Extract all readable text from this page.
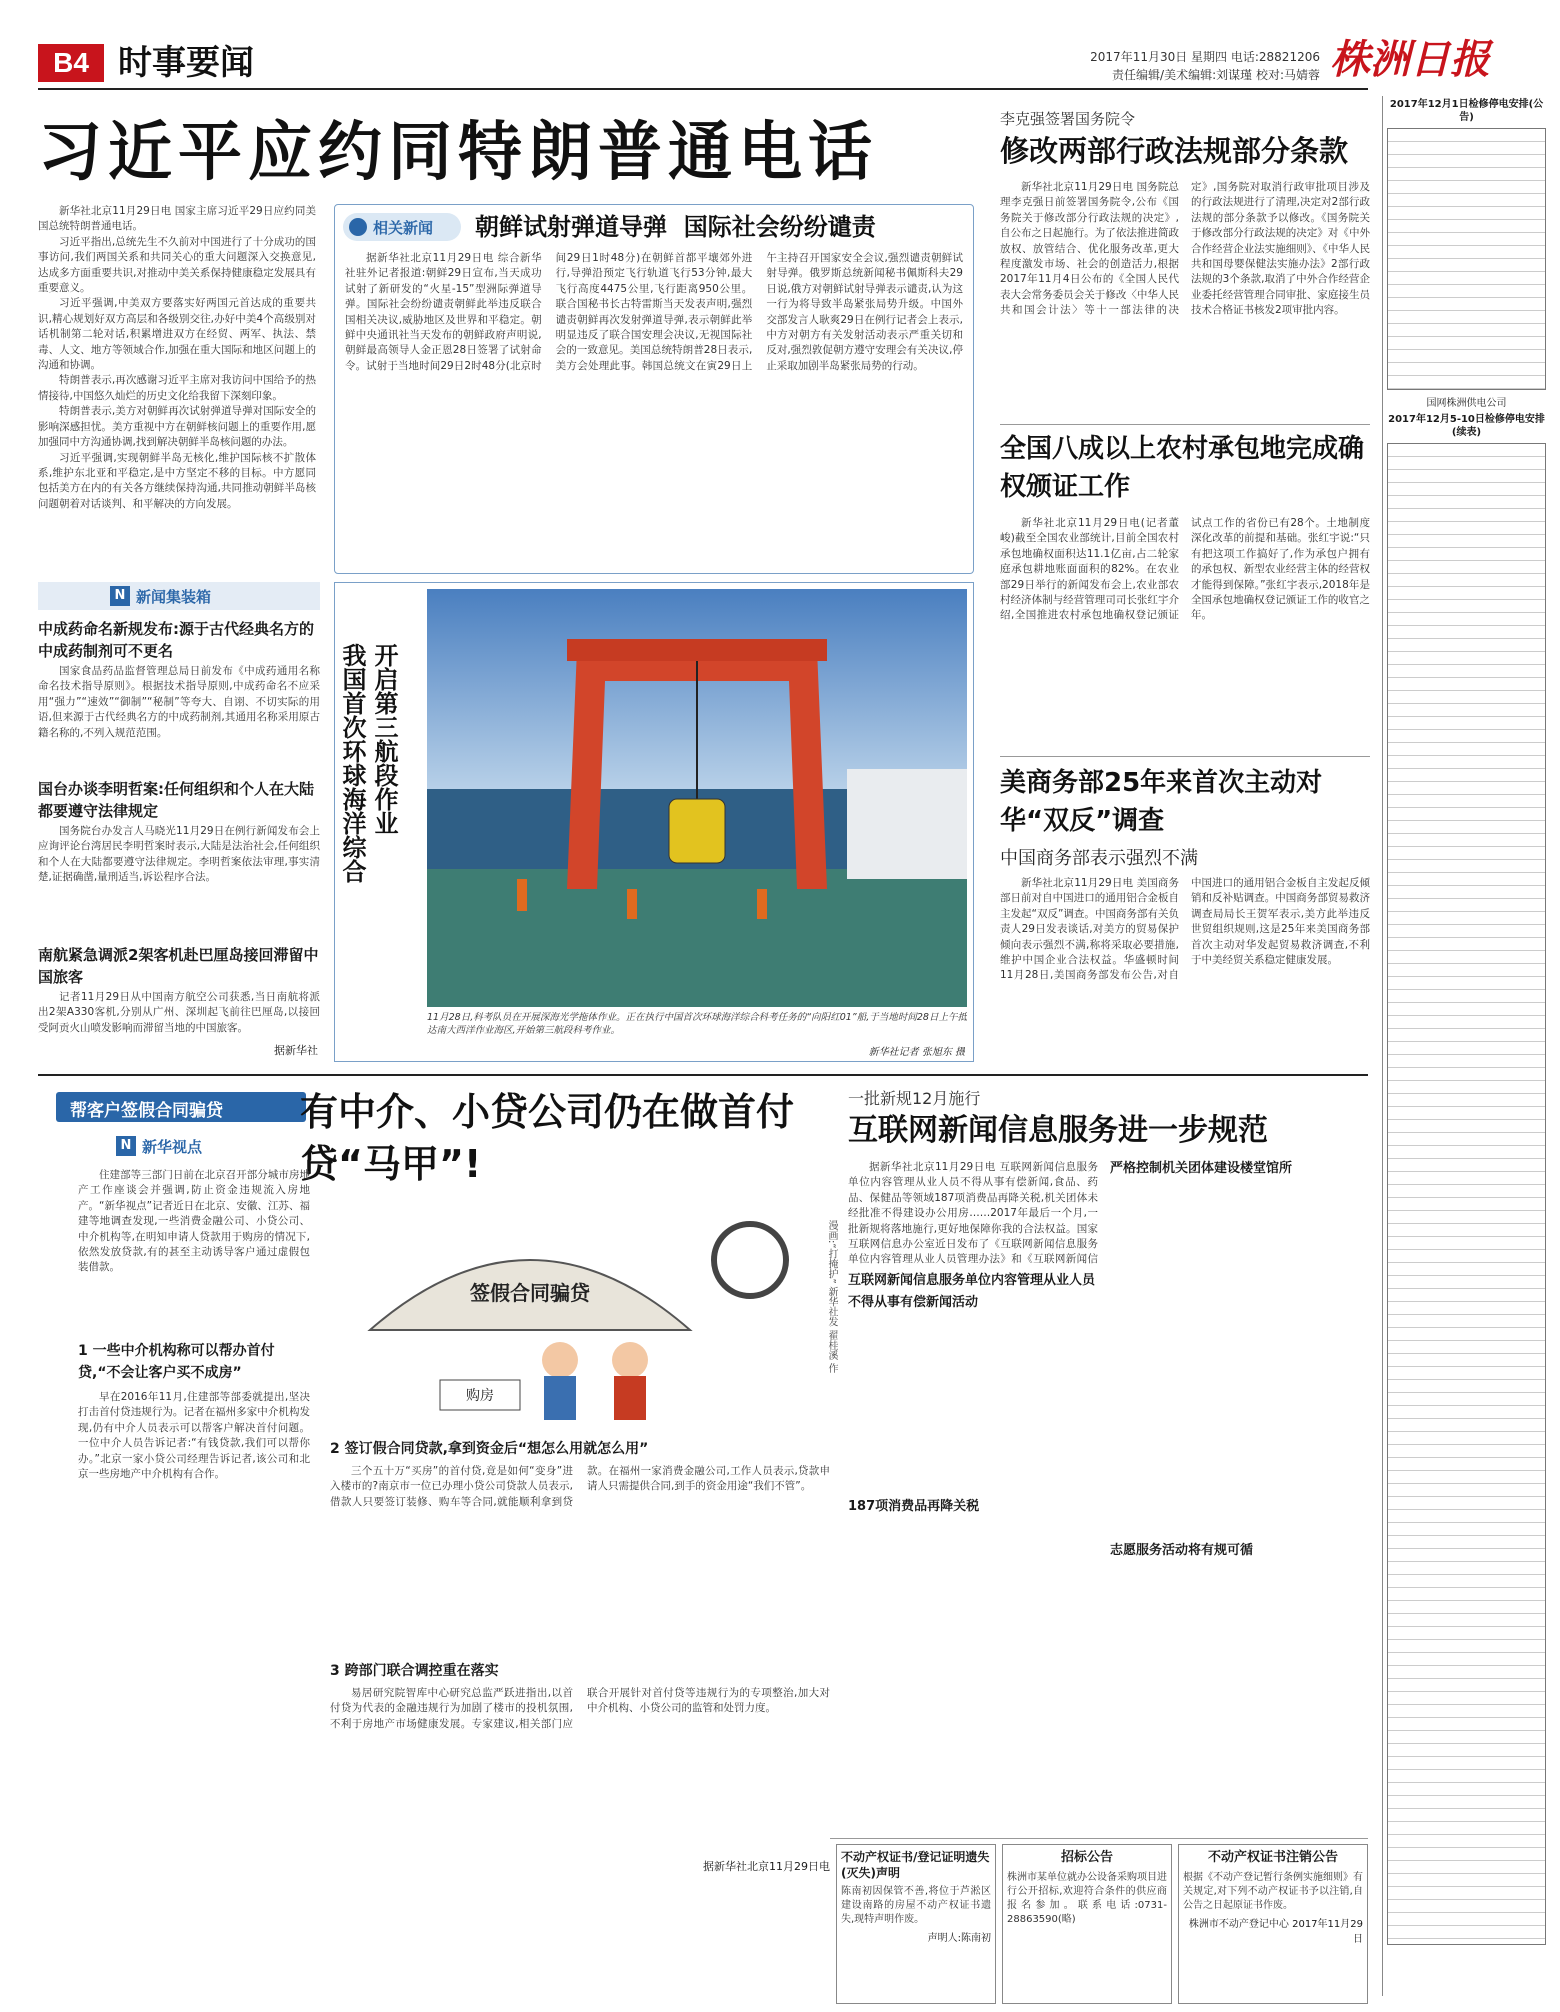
B4 时事要闻	2017年11月30日 星期四 电话:28821206
责任编辑/美术编辑:刘谋瑾 校对:马婧蓉 株洲日报
习近平应约同特朗普通电话

新华社北京11月29日电 国家主席习近平29日应约同美国总统特朗普通电话。

习近平指出,总统先生不久前对中国进行了十分成功的国事访问,我们两国关系和共同关心的重大问题深入交换意见,达成多方面重要共识,对推动中美关系保持健康稳定发展具有重要意义。

习近平强调,中美双方要落实好两国元首达成的重要共识,精心规划好双方高层和各级别交往,办好中美4个高级别对话机制第二轮对话,积累增进双方在经贸、两军、执法、禁毒、人文、地方等领域合作,加强在重大国际和地区问题上的沟通和协调。

特朗普表示,再次感谢习近平主席对我访问中国给予的热情接待,中国悠久灿烂的历史文化给我留下深刻印象。

特朗普表示,美方对朝鲜再次试射弹道导弹对国际安全的影响深感担忧。美方重视中方在朝鲜核问题上的重要作用,愿加强同中方沟通协调,找到解决朝鲜半岛核问题的办法。

习近平强调,实现朝鲜半岛无核化,维护国际核不扩散体系,维护东北亚和平稳定,是中方坚定不移的目标。中方愿同包括美方在内的有关各方继续保持沟通,共同推动朝鲜半岛核问题朝着对话谈判、和平解决的方向发展。

相关新闻 朝鲜试射弹道导弹  国际社会纷纷谴责

据新华社北京11月29日电 综合新华社驻外记者报道:朝鲜29日宣布,当天成功试射了新研发的“火星-15”型洲际弹道导弹。国际社会纷纷谴责朝鲜此举违反联合国相关决议,威胁地区及世界和平稳定。朝鲜中央通讯社当天发布的朝鲜政府声明说,朝鲜最高领导人金正恩28日签署了试射命令。试射于当地时间29日2时48分(北京时间29日1时48分)在朝鲜首都平壤郊外进行,导弹沿预定飞行轨道飞行53分钟,最大飞行高度4475公里,飞行距离950公里。联合国秘书长古特雷斯当天发表声明,强烈谴责朝鲜再次发射弹道导弹,表示朝鲜此举明显违反了联合国安理会决议,无视国际社会的一致意见。美国总统特朗普28日表示,美方会处理此事。韩国总统文在寅29日上午主持召开国家安全会议,强烈谴责朝鲜试射导弹。俄罗斯总统新闻秘书佩斯科夫29日说,俄方对朝鲜试射导弹表示谴责,认为这一行为将导致半岛紧张局势升级。中国外交部发言人耿爽29日在例行记者会上表示,中方对朝方有关发射活动表示严重关切和反对,强烈敦促朝方遵守安理会有关决议,停止采取加剧半岛紧张局势的行动。

李克强签署国务院令
修改两部行政法规部分条款

新华社北京11月29日电 国务院总理李克强日前签署国务院令,公布《国务院关于修改部分行政法规的决定》,自公布之日起施行。为了依法推进简政放权、放管结合、优化服务改革,更大程度激发市场、社会的创造活力,根据2017年11月4日公布的《全国人民代表大会常务委员会关于修改〈中华人民共和国会计法〉等十一部法律的决定》,国务院对取消行政审批项目涉及的行政法规进行了清理,决定对2部行政法规的部分条款予以修改。《国务院关于修改部分行政法规的决定》对《中外合作经营企业法实施细则》、《中华人民共和国母婴保健法实施办法》2部行政法规的3个条款,取消了中外合作经营企业委托经营管理合同审批、家庭接生员技术合格证书核发2项审批内容。

全国八成以上农村承包地完成确权颁证工作

新华社北京11月29日电(记者董峻)截至全国农业部统计,目前全国农村承包地确权面积达11.1亿亩,占二轮家庭承包耕地账面面积的82%。在农业部29日举行的新闻发布会上,农业部农村经济体制与经营管理司司长张红宇介绍,全国推进农村承包地确权登记颁证试点工作的省份已有28个。土地制度深化改革的前提和基础。张红宇说:“只有把这项工作搞好了,作为承包户拥有的承包权、新型农业经营主体的经营权才能得到保障。”张红宇表示,2018年是全国承包地确权登记颁证工作的收官之年。

美商务部25年来首次主动对华“双反”调查
中国商务部表示强烈不满

新华社北京11月29日电 美国商务部日前对自中国进口的通用铝合金板自主发起“双反”调查。中国商务部有关负责人29日发表谈话,对美方的贸易保护倾向表示强烈不满,称将采取必要措施,维护中国企业合法权益。华盛顿时间11月28日,美国商务部发布公告,对自中国进口的通用铝合金板自主发起反倾销和反补贴调查。中国商务部贸易救济调查局局长王贺军表示,美方此举违反世贸组织规则,这是25年来美国商务部首次主动对华发起贸易救济调查,不利于中美经贸关系稳定健康发展。

N 新闻集装箱
中成药命名新规发布:源于古代经典名方的中成药制剂可不更名

国家食品药品监督管理总局日前发布《中成药通用名称命名技术指导原则》。根据技术指导原则,中成药命名不应采用“强力”“速效”“御制”“秘制”等夸大、自诩、不切实际的用语,但来源于古代经典名方的中成药制剂,其通用名称采用原古籍名称的,不列入规范范围。

国台办谈李明哲案:任何组织和个人在大陆都要遵守法律规定

国务院台办发言人马晓光11月29日在例行新闻发布会上应询评论台湾居民李明哲案时表示,大陆是法治社会,任何组织和个人在大陆都要遵守法律规定。李明哲案依法审理,事实清楚,证据确凿,量刑适当,诉讼程序合法。

南航紧急调派2架客机赴巴厘岛接回滞留中国旅客

记者11月29日从中国南方航空公司获悉,当日南航将派出2架A330客机,分别从广州、深圳起飞前往巴厘岛,以接回受阿贡火山喷发影响而滞留当地的中国旅客。

据新华社
开启第三航段作业
我国首次环球海洋综合

11月28日,科考队员在开展深海光学拖体作业。正在执行中国首次环球海洋综合科考任务的“向阳红01”船,于当地时间28日上午抵达南大西洋作业海区,开始第三航段科考作业。

新华社记者 张旭东 摄
帮客户签假合同骗贷	有中介、小贷公司仍在做首付贷“马甲”!
N 新华视点

住建部等三部门日前在北京召开部分城市房地产工作座谈会并强调,防止资金违规流入房地产。“新华视点”记者近日在北京、安徽、江苏、福建等地调查发现,一些消费金融公司、小贷公司、中介机构等,在明知申请人贷款用于购房的情况下,依然发放贷款,有的甚至主动诱导客户通过虚假包装借款。

签假合同骗贷
购房
漫画:“打掩护” 新华社发 翟桂溪 作
1 一些中介机构称可以帮办首付贷,“不会让客户买不成房”

早在2016年11月,住建部等部委就提出,坚决打击首付贷违规行为。记者在福州多家中介机构发现,仍有中介人员表示可以帮客户解决首付问题。一位中介人员告诉记者:“有钱贷款,我们可以帮你办。”北京一家小贷公司经理告诉记者,该公司和北京一些房地产中介机构有合作。

2 签订假合同贷款,拿到资金后“想怎么用就怎么用”

三个五十万“买房”的首付贷,竟是如何“变身”进入楼市的?南京市一位已办理小贷公司贷款人员表示,借款人只要签订装修、购车等合同,就能顺利拿到贷款。在福州一家消费金融公司,工作人员表示,贷款申请人只需提供合同,到手的资金用途“我们不管”。

3 跨部门联合调控重在落实

易居研究院智库中心研究总监严跃进指出,以首付贷为代表的金融违规行为加剧了楼市的投机氛围,不利于房地产市场健康发展。专家建议,相关部门应联合开展针对首付贷等违规行为的专项整治,加大对中介机构、小贷公司的监管和处罚力度。

据新华社北京11月29日电
一批新规12月施行
互联网新闻信息服务进一步规范
互联网新闻信息服务单位内容管理从业人员不得从事有偿新闻活动
187项消费品再降关税
严格控制机关团体建设楼堂馆所
志愿服务活动将有规可循

据新华社北京11月29日电 互联网新闻信息服务单位内容管理从业人员不得从事有偿新闻,食品、药品、保健品等领域187项消费品再降关税,机关团体未经批准不得建设办公用房……2017年最后一个月,一批新规将落地施行,更好地保障你我的合法权益。国家互联网信息办公室近日发布了《互联网新闻信息服务单位内容管理从业人员管理办法》和《互联网新闻信

不动产权证书/登记证明遗失(灭失)声明
陈南初因保管不善,将位于芦淞区建设南路的房屋不动产权证书遗失,现特声明作废。
声明人:陈南初
招标公告
株洲市某单位就办公设备采购项目进行公开招标,欢迎符合条件的供应商报名参加。联系电话:0731-28863590(略)
不动产权证书注销公告
根据《不动产登记暂行条例实施细则》有关规定,对下列不动产权证书予以注销,自公告之日起原证书作废。
株洲市不动产登记中心 2017年11月29日
2017年12月1日检修停电安排(公告)
国网株洲供电公司
2017年12月5-10日检修停电安排(续表)
